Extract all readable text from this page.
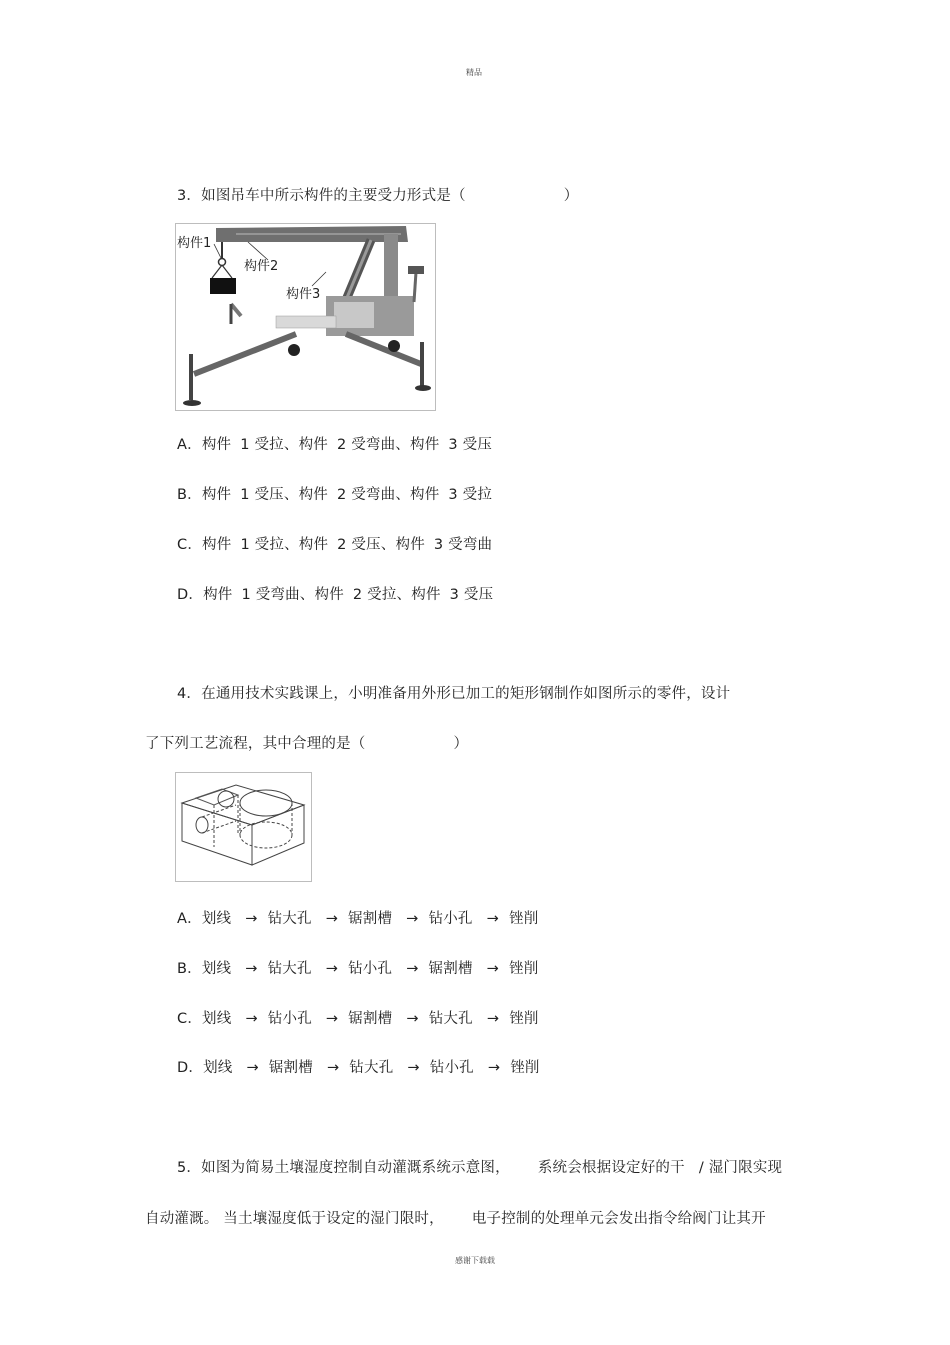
精品
感谢下载载
3．如图吊车中所示构件的主要受力形式是（	）
构件1
构件2
构件3
A．构件 1 受拉、构件 2 受弯曲、构件 3 受压
B．构件 1 受压、构件 2 受弯曲、构件 3 受拉
C．构件 1 受拉、构件 2 受压、构件 3 受弯曲
D．构件 1 受弯曲、构件 2 受拉、构件 3 受压
4．在通用技术实践课上，小明准备用外形已加工的矩形钢制作如图所示的零件，设计
了下列工艺流程，其中合理的是（	）
A．划线 → 钻大孔 → 锯割槽 → 钻小孔 → 锉削
B．划线 → 钻大孔 → 钻小孔 → 锯割槽 → 锉削
C．划线 → 钻小孔 → 锯割槽 → 钻大孔 → 锉削
D．划线 → 锯割槽 → 钻大孔 → 钻小孔 → 锉削
5．如图为简易土壤湿度控制自动灌溉系统示意图， 系统会根据设定好的干 / 湿门限实现
自动灌溉。 当土壤湿度低于设定的湿门限时， 电子控制的处理单元会发出指令给阀门让其开
